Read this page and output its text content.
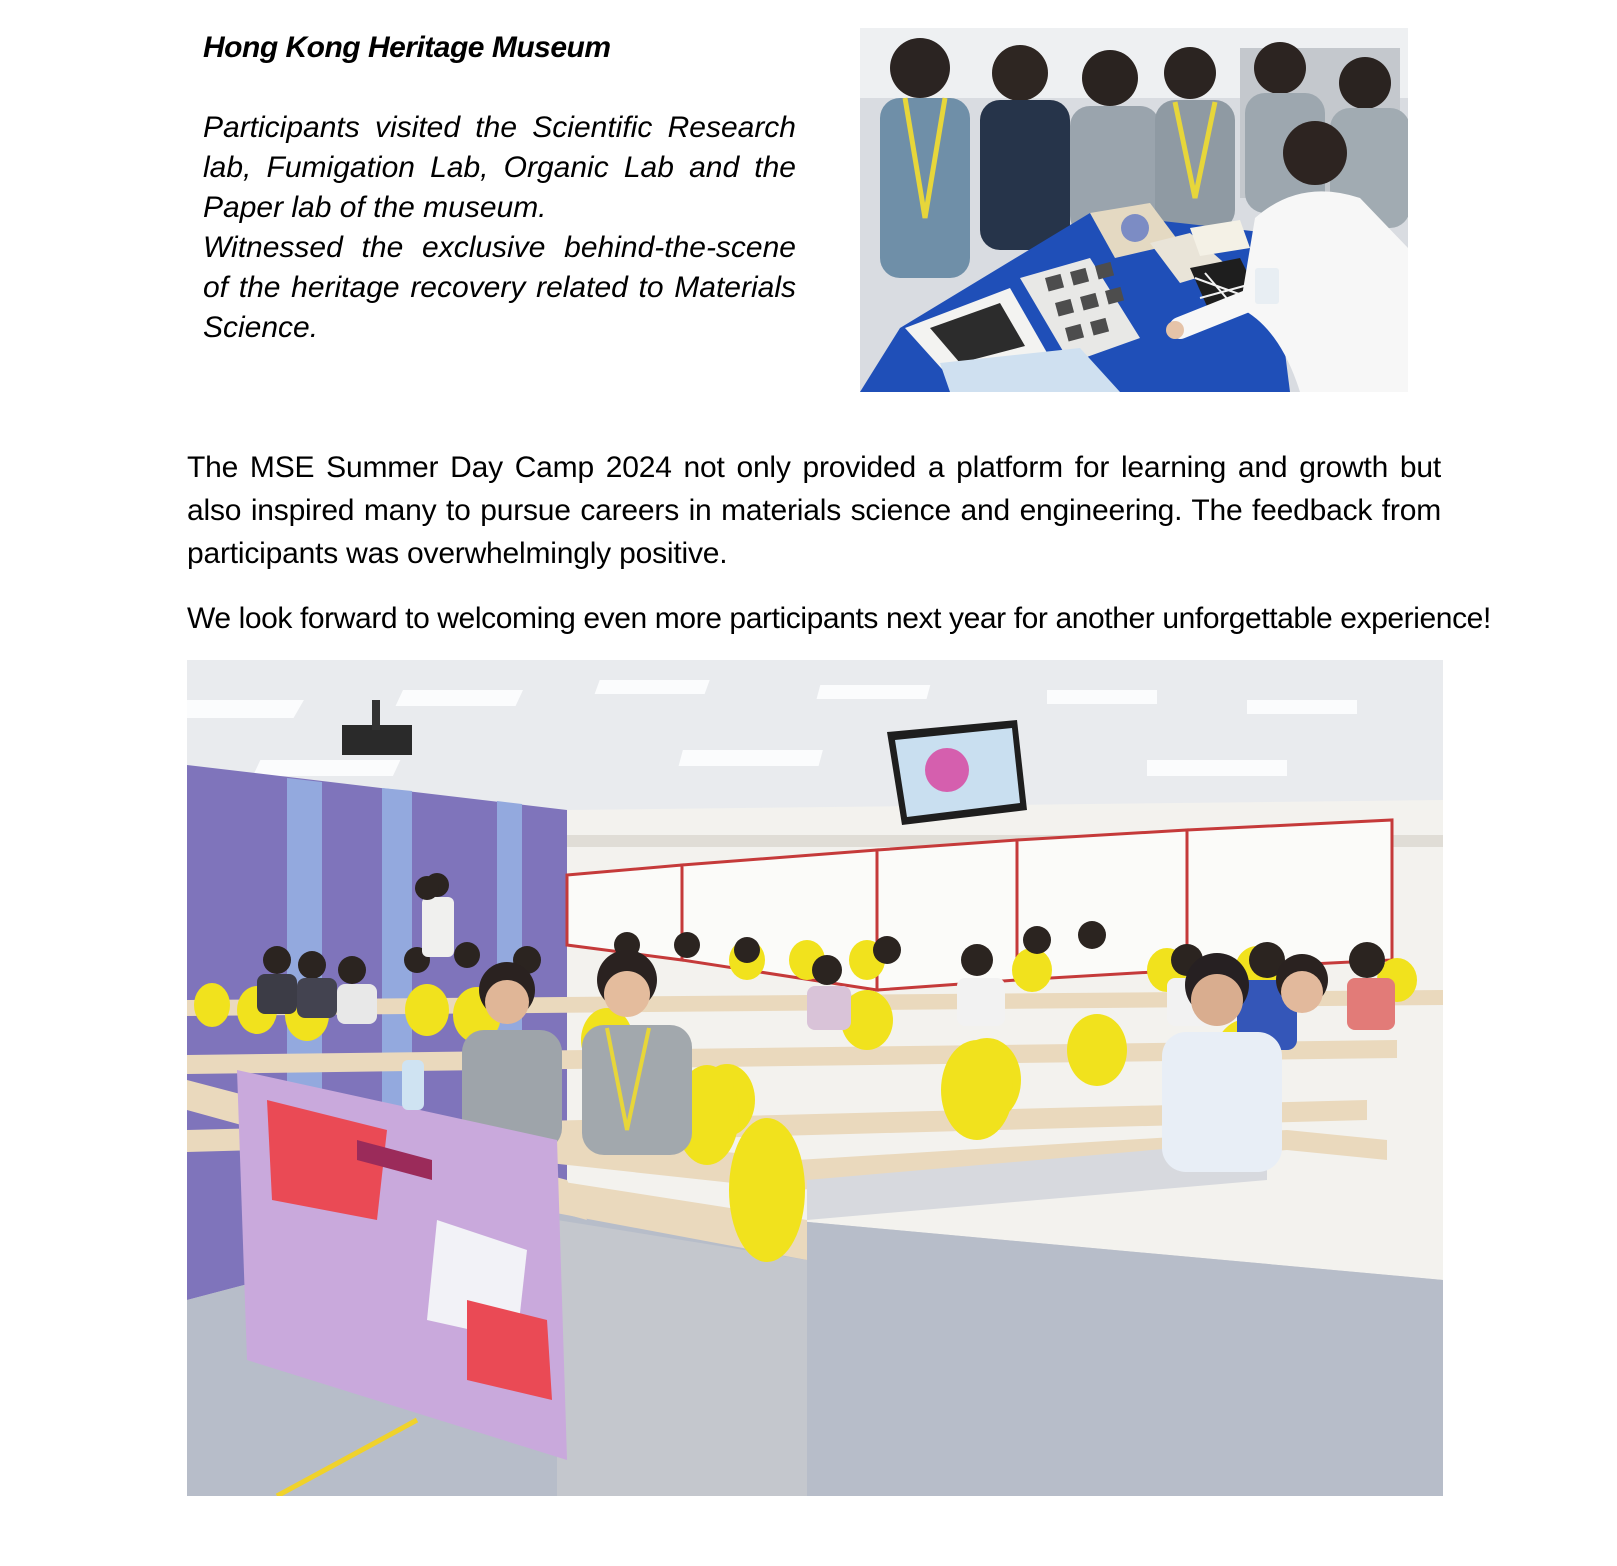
Hong Kong Heritage Museum

Participants visited the Scientific Research lab, Fumigation Lab, Organic Lab and the Paper lab of the museum.

Witnessed the exclusive behind-the-scene of the heritage recovery related to Materials Science.

The MSE Summer Day Camp 2024 not only provided a platform for learning and growth but also inspired many to pursue careers in materials science and engineering. The feedback from participants was overwhelmingly positive.

We look forward to welcoming even more participants next year for another unforgettable experience!
